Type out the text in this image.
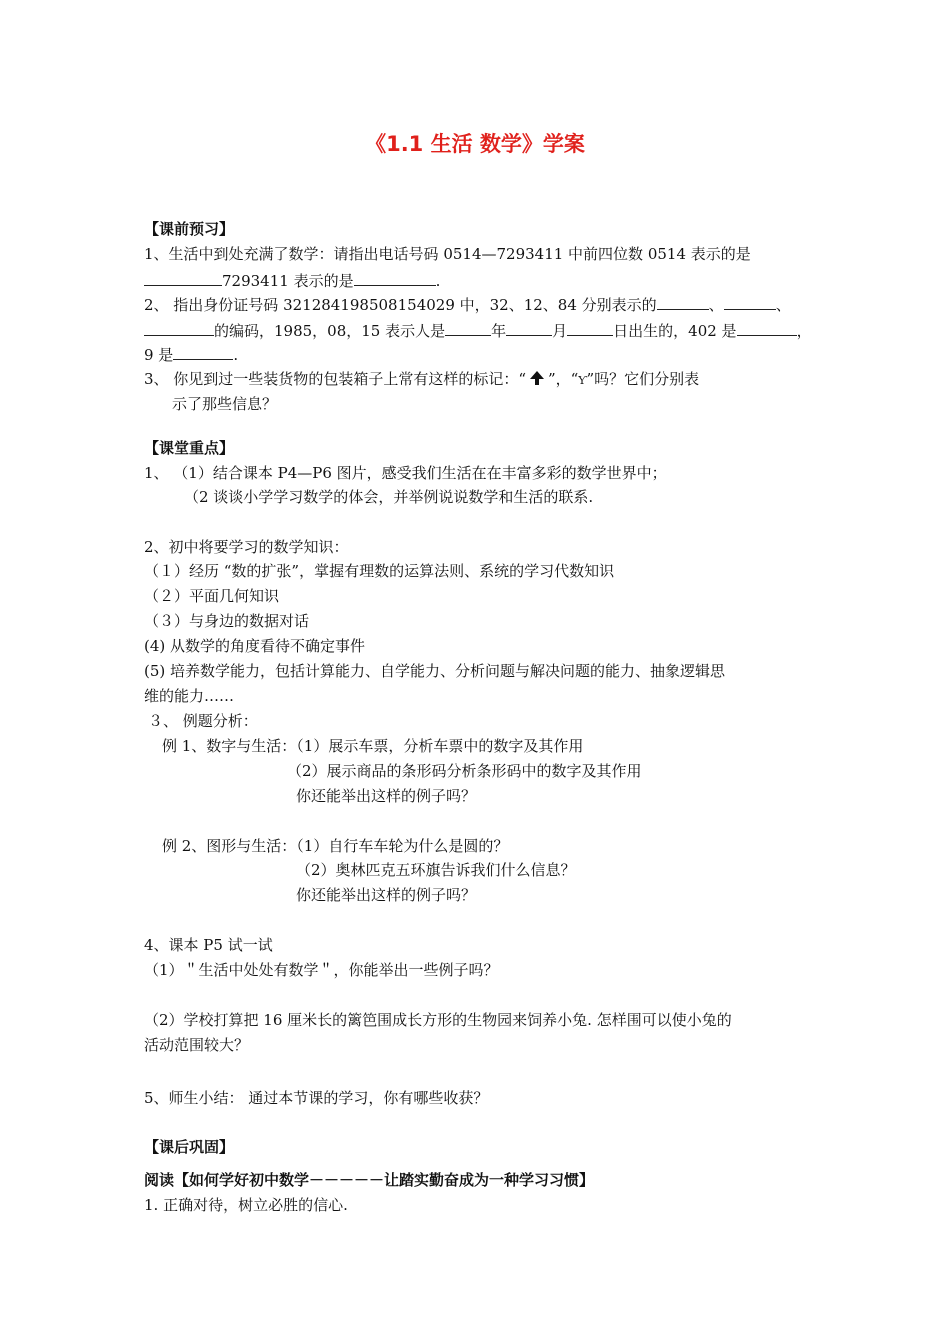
《1.1 生活 数学》学案
【课前预习】
1、生活中到处充满了数学：请指出电话号码 0514—7293411 中前四位数 0514 表示的是
7293411 表示的是	.
2、 指出身份证号码 321284198508154029 中，32、12、84 分别表示的	、	、
的编码，1985，08，15 表示人是	年	月	日出生的，402 是	，
9 是	.
3、 你见到过一些装货物的包装箱子上常有这样的标记：“ ”，“Ƴ”吗？它们分别表
示了那些信息？
【课堂重点】
1、 （1）结合课本 P4—P6 图片，感受我们生活在在丰富多彩的数学世界中；
（2 谈谈小学学习数学的体会，并举例说说数学和生活的联系.
2、初中将要学习的数学知识：
（１）经历 “数的扩张”，掌握有理数的运算法则、系统的学习代数知识
（２）平面几何知识
（３）与身边的数据对话
(4) 从数学的角度看待不确定事件
(5) 培养数学能力，包括计算能力、自学能力、分析问题与解决问题的能力、抽象逻辑思
维的能力……
３、 例题分析：
例 1、数字与生活：（1）展示车票，分析车票中的数字及其作用
（2）展示商品的条形码分析条形码中的数字及其作用
你还能举出这样的例子吗？
例 2、图形与生活：（1）自行车车轮为什么是圆的？
（2）奥林匹克五环旗告诉我们什么信息？
你还能举出这样的例子吗？
4、课本 P5 试一试
（1）＂生活中处处有数学＂，你能举出一些例子吗？
（2）学校打算把 16 厘米长的篱笆围成长方形的生物园来饲养小兔. 怎样围可以使小兔的
活动范围较大？
5、师生小结： 通过本节课的学习，你有哪些收获？
【课后巩固】
阅读【如何学好初中数学－－－－－让踏实勤奋成为一种学习习惯】
1. 正确对待，树立必胜的信心.
